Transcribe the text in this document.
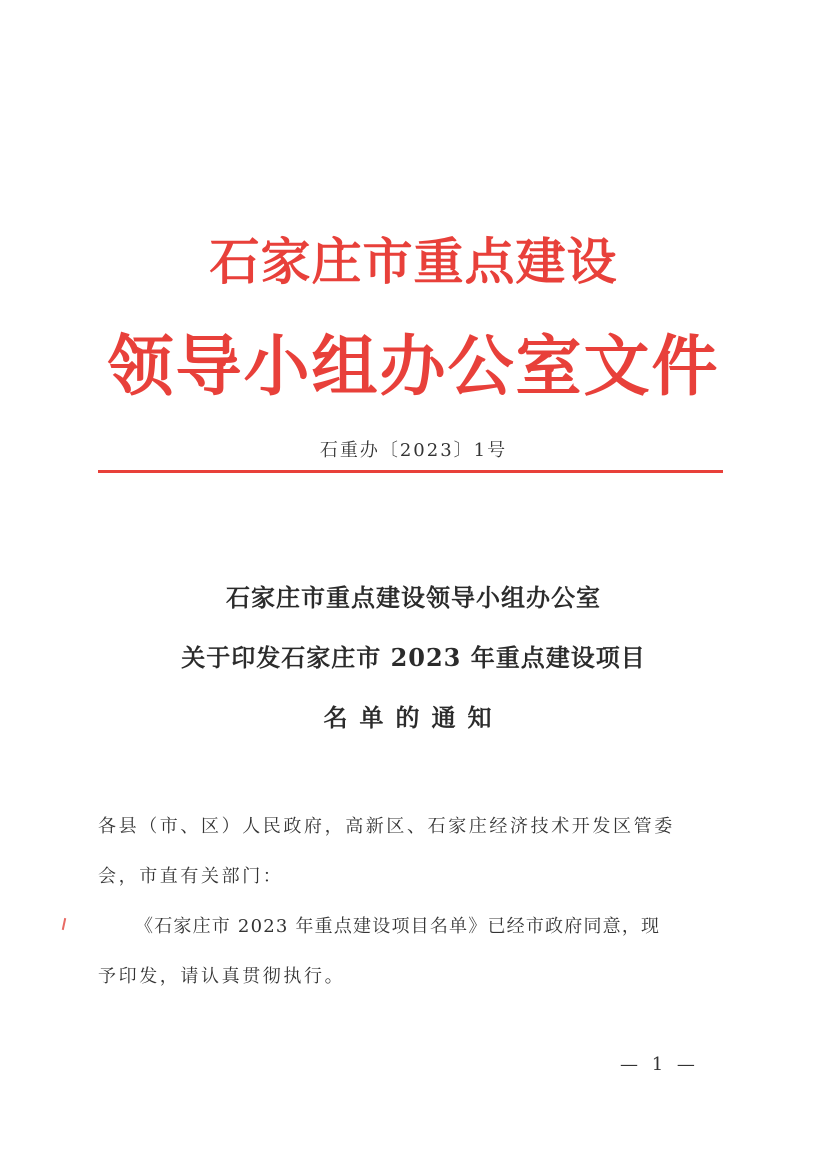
石家庄市重点建设
领导小组办公室文件
石重办〔2023〕1号
石家庄市重点建设领导小组办公室
关于印发石家庄市 2023 年重点建设项目
名单的通知
各县（市、区）人民政府，高新区、石家庄经济技术开发区管委
会，市直有关部门：
《石家庄市 2023 年重点建设项目名单》已经市政府同意，现
予印发，请认真贯彻执行。
— 1 —
